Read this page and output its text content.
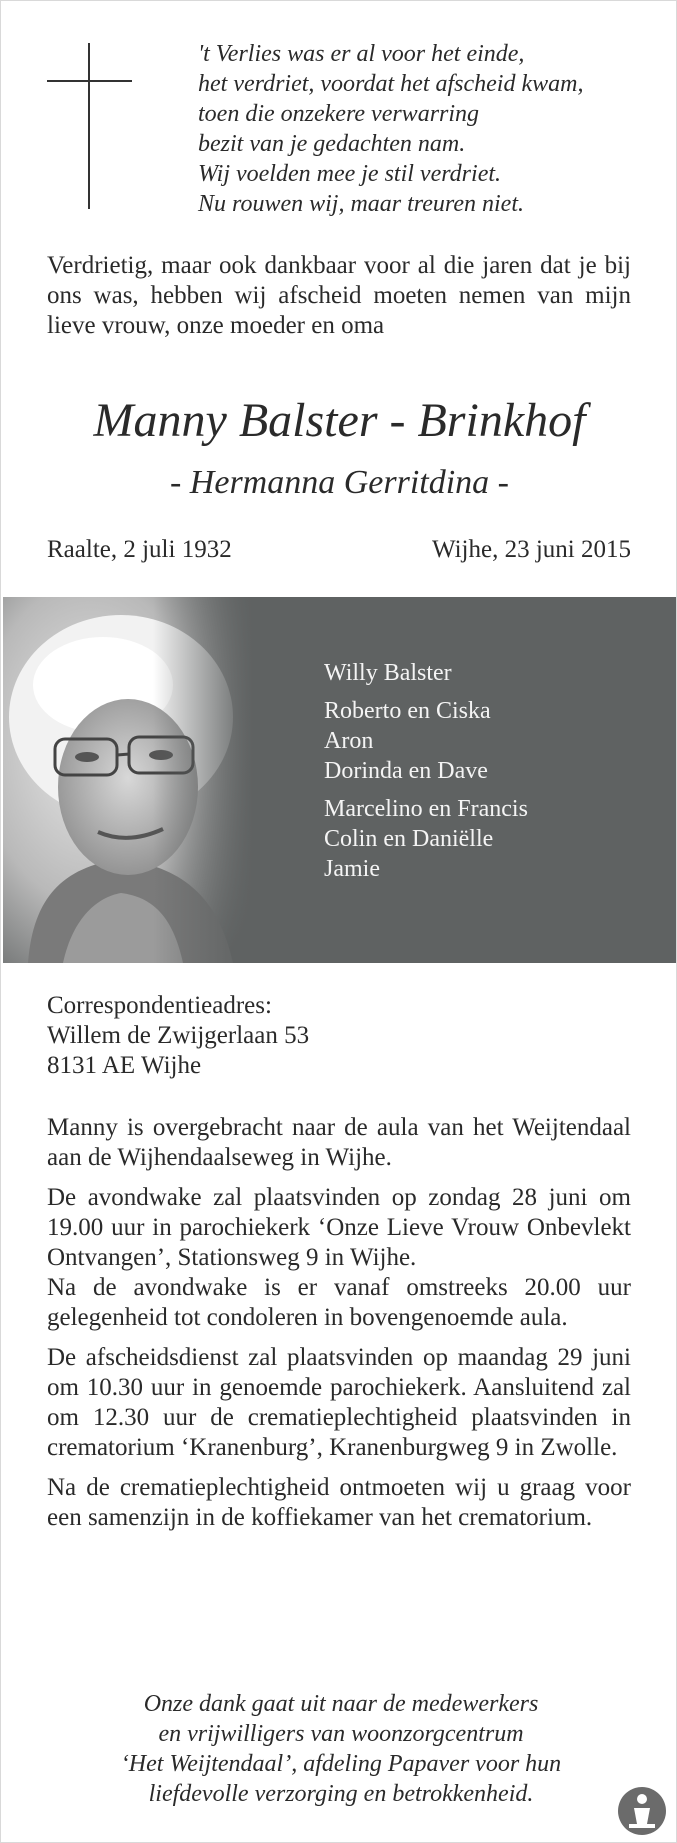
't Verlies was er al voor het einde,
het verdriet, voordat het afscheid kwam,
toen die onzekere verwarring
bezit van je gedachten nam.
Wij voelden mee je stil verdriet.
Nu rouwen wij, maar treuren niet.
Verdrietig, maar ook dankbaar voor al die jaren dat je bij ons was, hebben wij afscheid moeten nemen van mijn lieve vrouw, onze moeder en oma
Manny Balster - Brinkhof
- Hermanna Gerritdina -
Raalte, 2 juli 1932	Wijhe, 23 juni 2015
Willy Balster
Roberto en Ciska
Aron
Dorinda en Dave
Marcelino en Francis
Colin en Daniëlle
Jamie
Correspondentieadres:
Willem de Zwijgerlaan 53
8131 AE Wijhe

Manny is overgebracht naar de aula van het Weijtendaal aan de Wijhendaalseweg in Wijhe.

De avondwake zal plaatsvinden op zondag 28 juni om 19.00 uur in parochiekerk ‘Onze Lieve Vrouw Onbevlekt Ontvangen’, Stationsweg 9 in Wijhe.

Na de avondwake is er vanaf omstreeks 20.00 uur gelegenheid tot condoleren in bovengenoemde aula.

De afscheidsdienst zal plaatsvinden op maandag 29 juni om 10.30 uur in genoemde parochiekerk. Aansluitend zal om 12.30 uur de crematieplechtigheid plaatsvinden in crematorium ‘Kranenburg’, Kranenburgweg 9 in Zwolle.

Na de crematieplechtigheid ontmoeten wij u graag voor een samenzijn in de koffiekamer van het crematorium.

Onze dank gaat uit naar de medewerkers
en vrijwilligers van woonzorgcentrum
‘Het Weijtendaal’, afdeling Papaver voor hun
liefdevolle verzorging en betrokkenheid.
